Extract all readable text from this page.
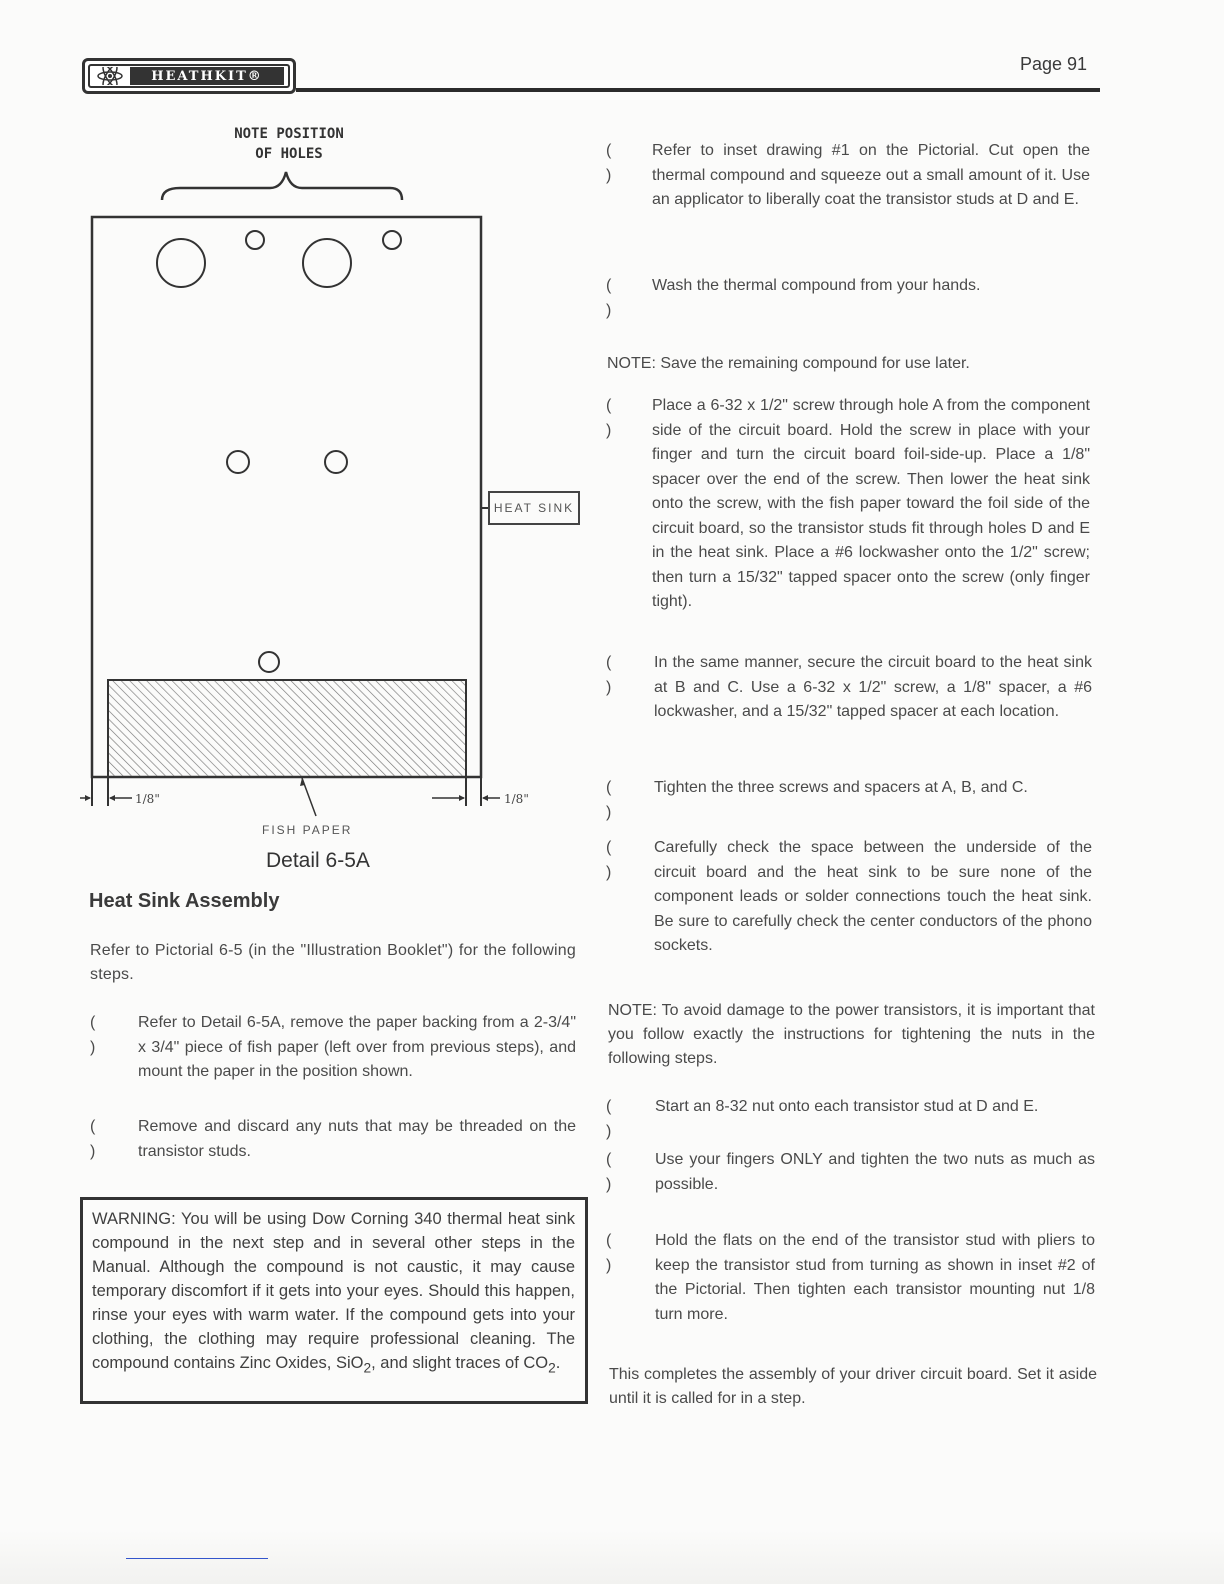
HEATHKIT®
Page 91
NOTE POSITION
OF HOLES
HEAT SINK
1/8"	1/8"
FISH PAPER
Detail 6-5A
Heat Sink Assembly

Refer to Pictorial 6-5 (in the "Illustration Booklet") for the following steps.

( )
Refer to Detail 6-5A, remove the paper backing from a 2-3/4" x 3/4" piece of fish paper (left over from previous steps), and mount the paper in the position shown.
( )
Remove and discard any nuts that may be threaded on the transistor studs.
WARNING: You will be using Dow Corning 340 thermal heat sink compound in the next step and in several other steps in the Manual. Although the compound is not caustic, it may cause temporary discomfort if it gets into your eyes. Should this happen, rinse your eyes with warm water. If the compound gets into your clothing, the clothing may require professional cleaning. The compound contains Zinc Oxides, SiO$_2$, and slight traces of $CO_2$.
( )
Refer to inset drawing #1 on the Pictorial. Cut open the thermal compound and squeeze out a small amount of it. Use an applicator to liberally coat the transistor studs at D and E.
( )
Wash the thermal compound from your hands.

NOTE: Save the remaining compound for use later.

( )
Place a 6-32 x 1/2" screw through hole A from the component side of the circuit board. Hold the screw in place with your finger and turn the circuit board foil-side-up. Place a 1/8" spacer over the end of the screw. Then lower the heat sink onto the screw, with the fish paper toward the foil side of the circuit board, so the transistor studs fit through holes D and E in the heat sink. Place a #6 lockwasher onto the 1/2" screw; then turn a 15/32" tapped spacer onto the screw (only finger tight).
( )
In the same manner, secure the circuit board to the heat sink at B and C. Use a 6-32 x 1/2" screw, a 1/8" spacer, a #6 lockwasher, and a 15/32" tapped spacer at each location.
( )
Tighten the three screws and spacers at A, B, and C.
( )
Carefully check the space between the underside of the circuit board and the heat sink to be sure none of the component leads or solder connections touch the heat sink. Be sure to carefully check the center conductors of the phono sockets.

NOTE: To avoid damage to the power transistors, it is important that you follow exactly the instructions for tightening the nuts in the following steps.

( )
Start an 8-32 nut onto each transistor stud at D and E.
( )
Use your fingers ONLY and tighten the two nuts as much as possible.
( )
Hold the flats on the end of the transistor stud with pliers to keep the transistor stud from turning as shown in inset #2 of the Pictorial. Then tighten each transistor mounting nut 1/8 turn more.

This completes the assembly of your driver circuit board. Set it aside until it is called for in a step.
